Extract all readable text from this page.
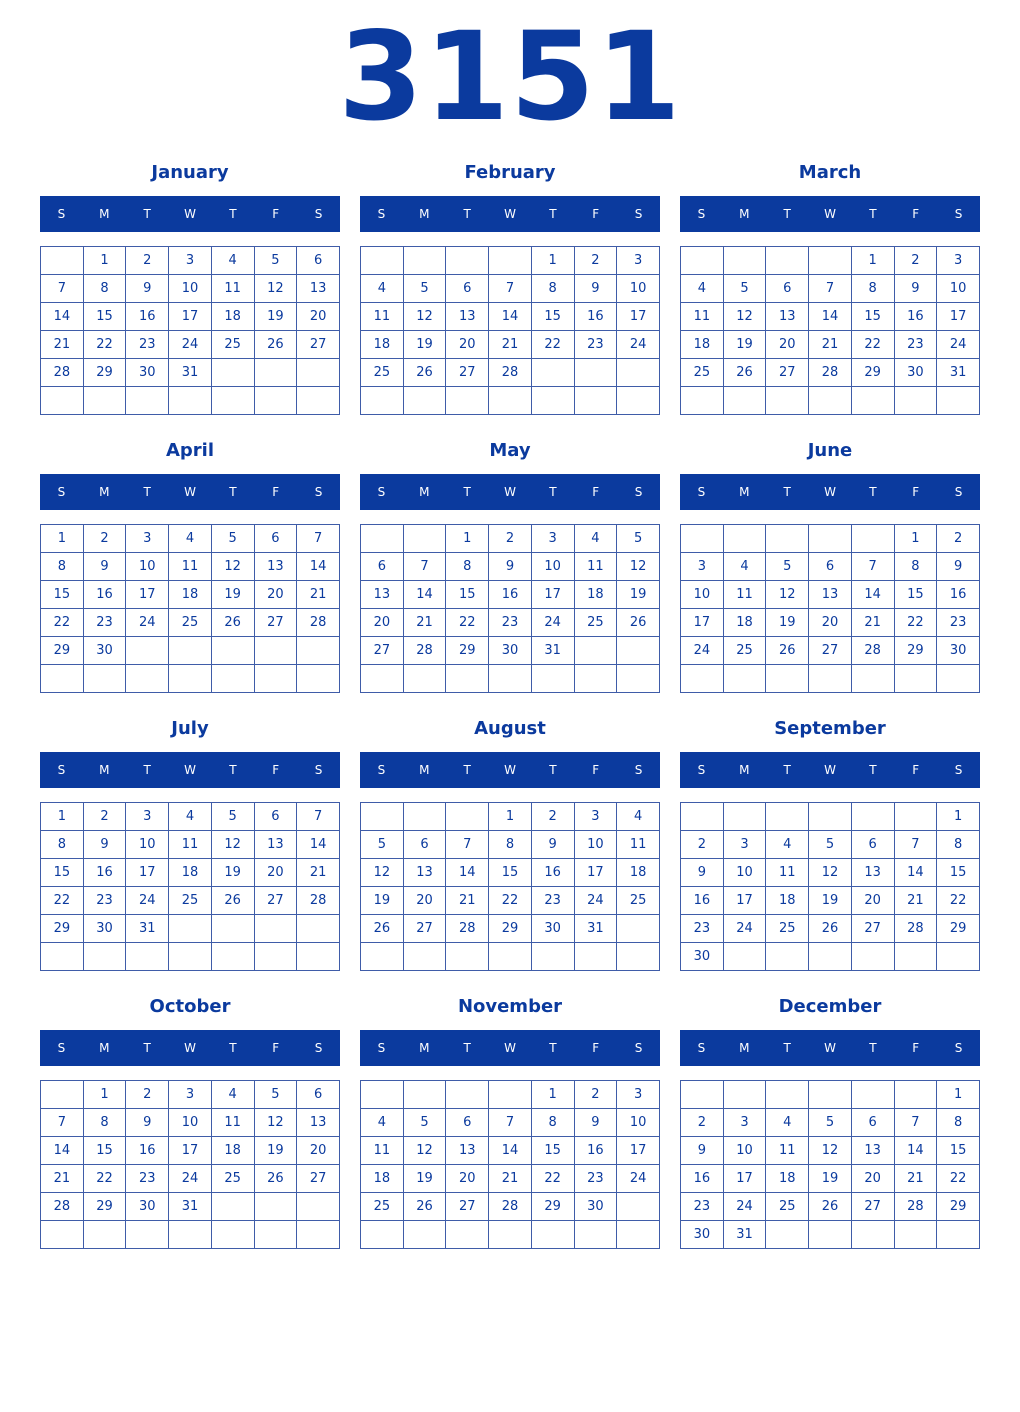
3151
January
S	M	T	W	T	F	S
	1	2	3	4	5	6
7	8	9	10	11	12	13
14	15	16	17	18	19	20
21	22	23	24	25	26	27
28	29	30	31			

February
S	M	T	W	T	F	S
				1	2	3
4	5	6	7	8	9	10
11	12	13	14	15	16	17
18	19	20	21	22	23	24
25	26	27	28			

March
S	M	T	W	T	F	S
				1	2	3
4	5	6	7	8	9	10
11	12	13	14	15	16	17
18	19	20	21	22	23	24
25	26	27	28	29	30	31

April
S	M	T	W	T	F	S
1	2	3	4	5	6	7
8	9	10	11	12	13	14
15	16	17	18	19	20	21
22	23	24	25	26	27	28
29	30					

May
S	M	T	W	T	F	S
		1	2	3	4	5
6	7	8	9	10	11	12
13	14	15	16	17	18	19
20	21	22	23	24	25	26
27	28	29	30	31		

June
S	M	T	W	T	F	S
					1	2
3	4	5	6	7	8	9
10	11	12	13	14	15	16
17	18	19	20	21	22	23
24	25	26	27	28	29	30

July
S	M	T	W	T	F	S
1	2	3	4	5	6	7
8	9	10	11	12	13	14
15	16	17	18	19	20	21
22	23	24	25	26	27	28
29	30	31				

August
S	M	T	W	T	F	S
			1	2	3	4
5	6	7	8	9	10	11
12	13	14	15	16	17	18
19	20	21	22	23	24	25
26	27	28	29	30	31	

September
S	M	T	W	T	F	S
						1
2	3	4	5	6	7	8
9	10	11	12	13	14	15
16	17	18	19	20	21	22
23	24	25	26	27	28	29
30						
October
S	M	T	W	T	F	S
	1	2	3	4	5	6
7	8	9	10	11	12	13
14	15	16	17	18	19	20
21	22	23	24	25	26	27
28	29	30	31			

November
S	M	T	W	T	F	S
				1	2	3
4	5	6	7	8	9	10
11	12	13	14	15	16	17
18	19	20	21	22	23	24
25	26	27	28	29	30	

December
S	M	T	W	T	F	S
						1
2	3	4	5	6	7	8
9	10	11	12	13	14	15
16	17	18	19	20	21	22
23	24	25	26	27	28	29
30	31					
